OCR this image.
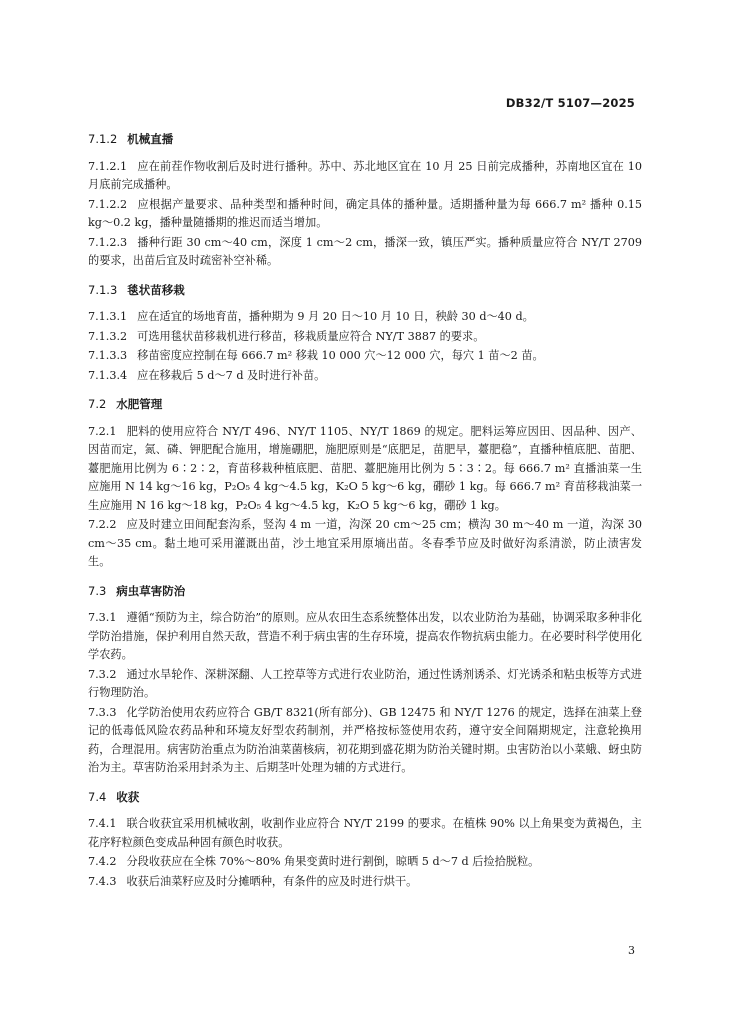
DB32/T 5107—2025
7.1.2 机械直播
7.1.2.1 应在前茬作物收割后及时进行播种。苏中、苏北地区宜在 10 月 25 日前完成播种，苏南地区宜在 10 月底前完成播种。
7.1.2.2 应根据产量要求、品种类型和播种时间，确定具体的播种量。适期播种量为每 666.7 m² 播种 0.15 kg～0.2 kg，播种量随播期的推迟而适当增加。
7.1.2.3 播种行距 30 cm～40 cm，深度 1 cm～2 cm，播深一致，镇压严实。播种质量应符合 NY/T 2709 的要求，出苗后宜及时疏密补空补稀。
7.1.3 毯状苗移栽
7.1.3.1 应在适宜的场地育苗，播种期为 9 月 20 日～10 月 10 日，秧龄 30 d～40 d。
7.1.3.2 可选用毯状苗移栽机进行移苗，移栽质量应符合 NY/T 3887 的要求。
7.1.3.3 移苗密度应控制在每 666.7 m² 移栽 10 000 穴～12 000 穴，每穴 1 苗～2 苗。
7.1.3.4 应在移栽后 5 d～7 d 及时进行补苗。
7.2 水肥管理
7.2.1 肥料的使用应符合 NY/T 496、NY/T 1105、NY/T 1869 的规定。肥料运筹应因田、因品种、因产、因苗而定，氮、磷、钾肥配合施用，增施硼肥，施肥原则是“底肥足，苗肥早，薹肥稳”，直播种植底肥、苗肥、薹肥施用比例为 6∶2∶2，育苗移栽种植底肥、苗肥、薹肥施用比例为 5∶3∶2。每 666.7 m² 直播油菜一生应施用 N 14 kg～16 kg，P₂O₅ 4 kg～4.5 kg，K₂O 5 kg～6 kg，硼砂 1 kg。每 666.7 m² 育苗移栽油菜一生应施用 N 16 kg～18 kg，P₂O₅ 4 kg～4.5 kg，K₂O 5 kg～6 kg，硼砂 1 kg。
7.2.2 应及时建立田间配套沟系，竖沟 4 m 一道，沟深 20 cm～25 cm；横沟 30 m～40 m 一道，沟深 30 cm～35 cm。黏土地可采用灌溉出苗，沙土地宜采用原墒出苗。冬春季节应及时做好沟系清淤，防止渍害发生。
7.3 病虫草害防治
7.3.1 遵循“预防为主，综合防治”的原则。应从农田生态系统整体出发，以农业防治为基础，协调采取多种非化学防治措施，保护利用自然天敌，营造不利于病虫害的生存环境，提高农作物抗病虫能力。在必要时科学使用化学农药。
7.3.2 通过水旱轮作、深耕深翻、人工控草等方式进行农业防治，通过性诱剂诱杀、灯光诱杀和粘虫板等方式进行物理防治。
7.3.3 化学防治使用农药应符合 GB/T 8321(所有部分)、GB 12475 和 NY/T 1276 的规定，选择在油菜上登记的低毒低风险农药品种和环境友好型农药制剂，并严格按标签使用农药，遵守安全间隔期规定，注意轮换用药，合理混用。病害防治重点为防治油菜菌核病，初花期到盛花期为防治关键时期。虫害防治以小菜蛾、蚜虫防治为主。草害防治采用封杀为主、后期茎叶处理为辅的方式进行。
7.4 收获
7.4.1 联合收获宜采用机械收割，收割作业应符合 NY/T 2199 的要求。在植株 90% 以上角果变为黄褐色，主花序籽粒颜色变成品种固有颜色时收获。
7.4.2 分段收获应在全株 70%～80% 角果变黄时进行割倒，晾晒 5 d～7 d 后捡拾脱粒。
7.4.3 收获后油菜籽应及时分摊晒种，有条件的应及时进行烘干。
3
